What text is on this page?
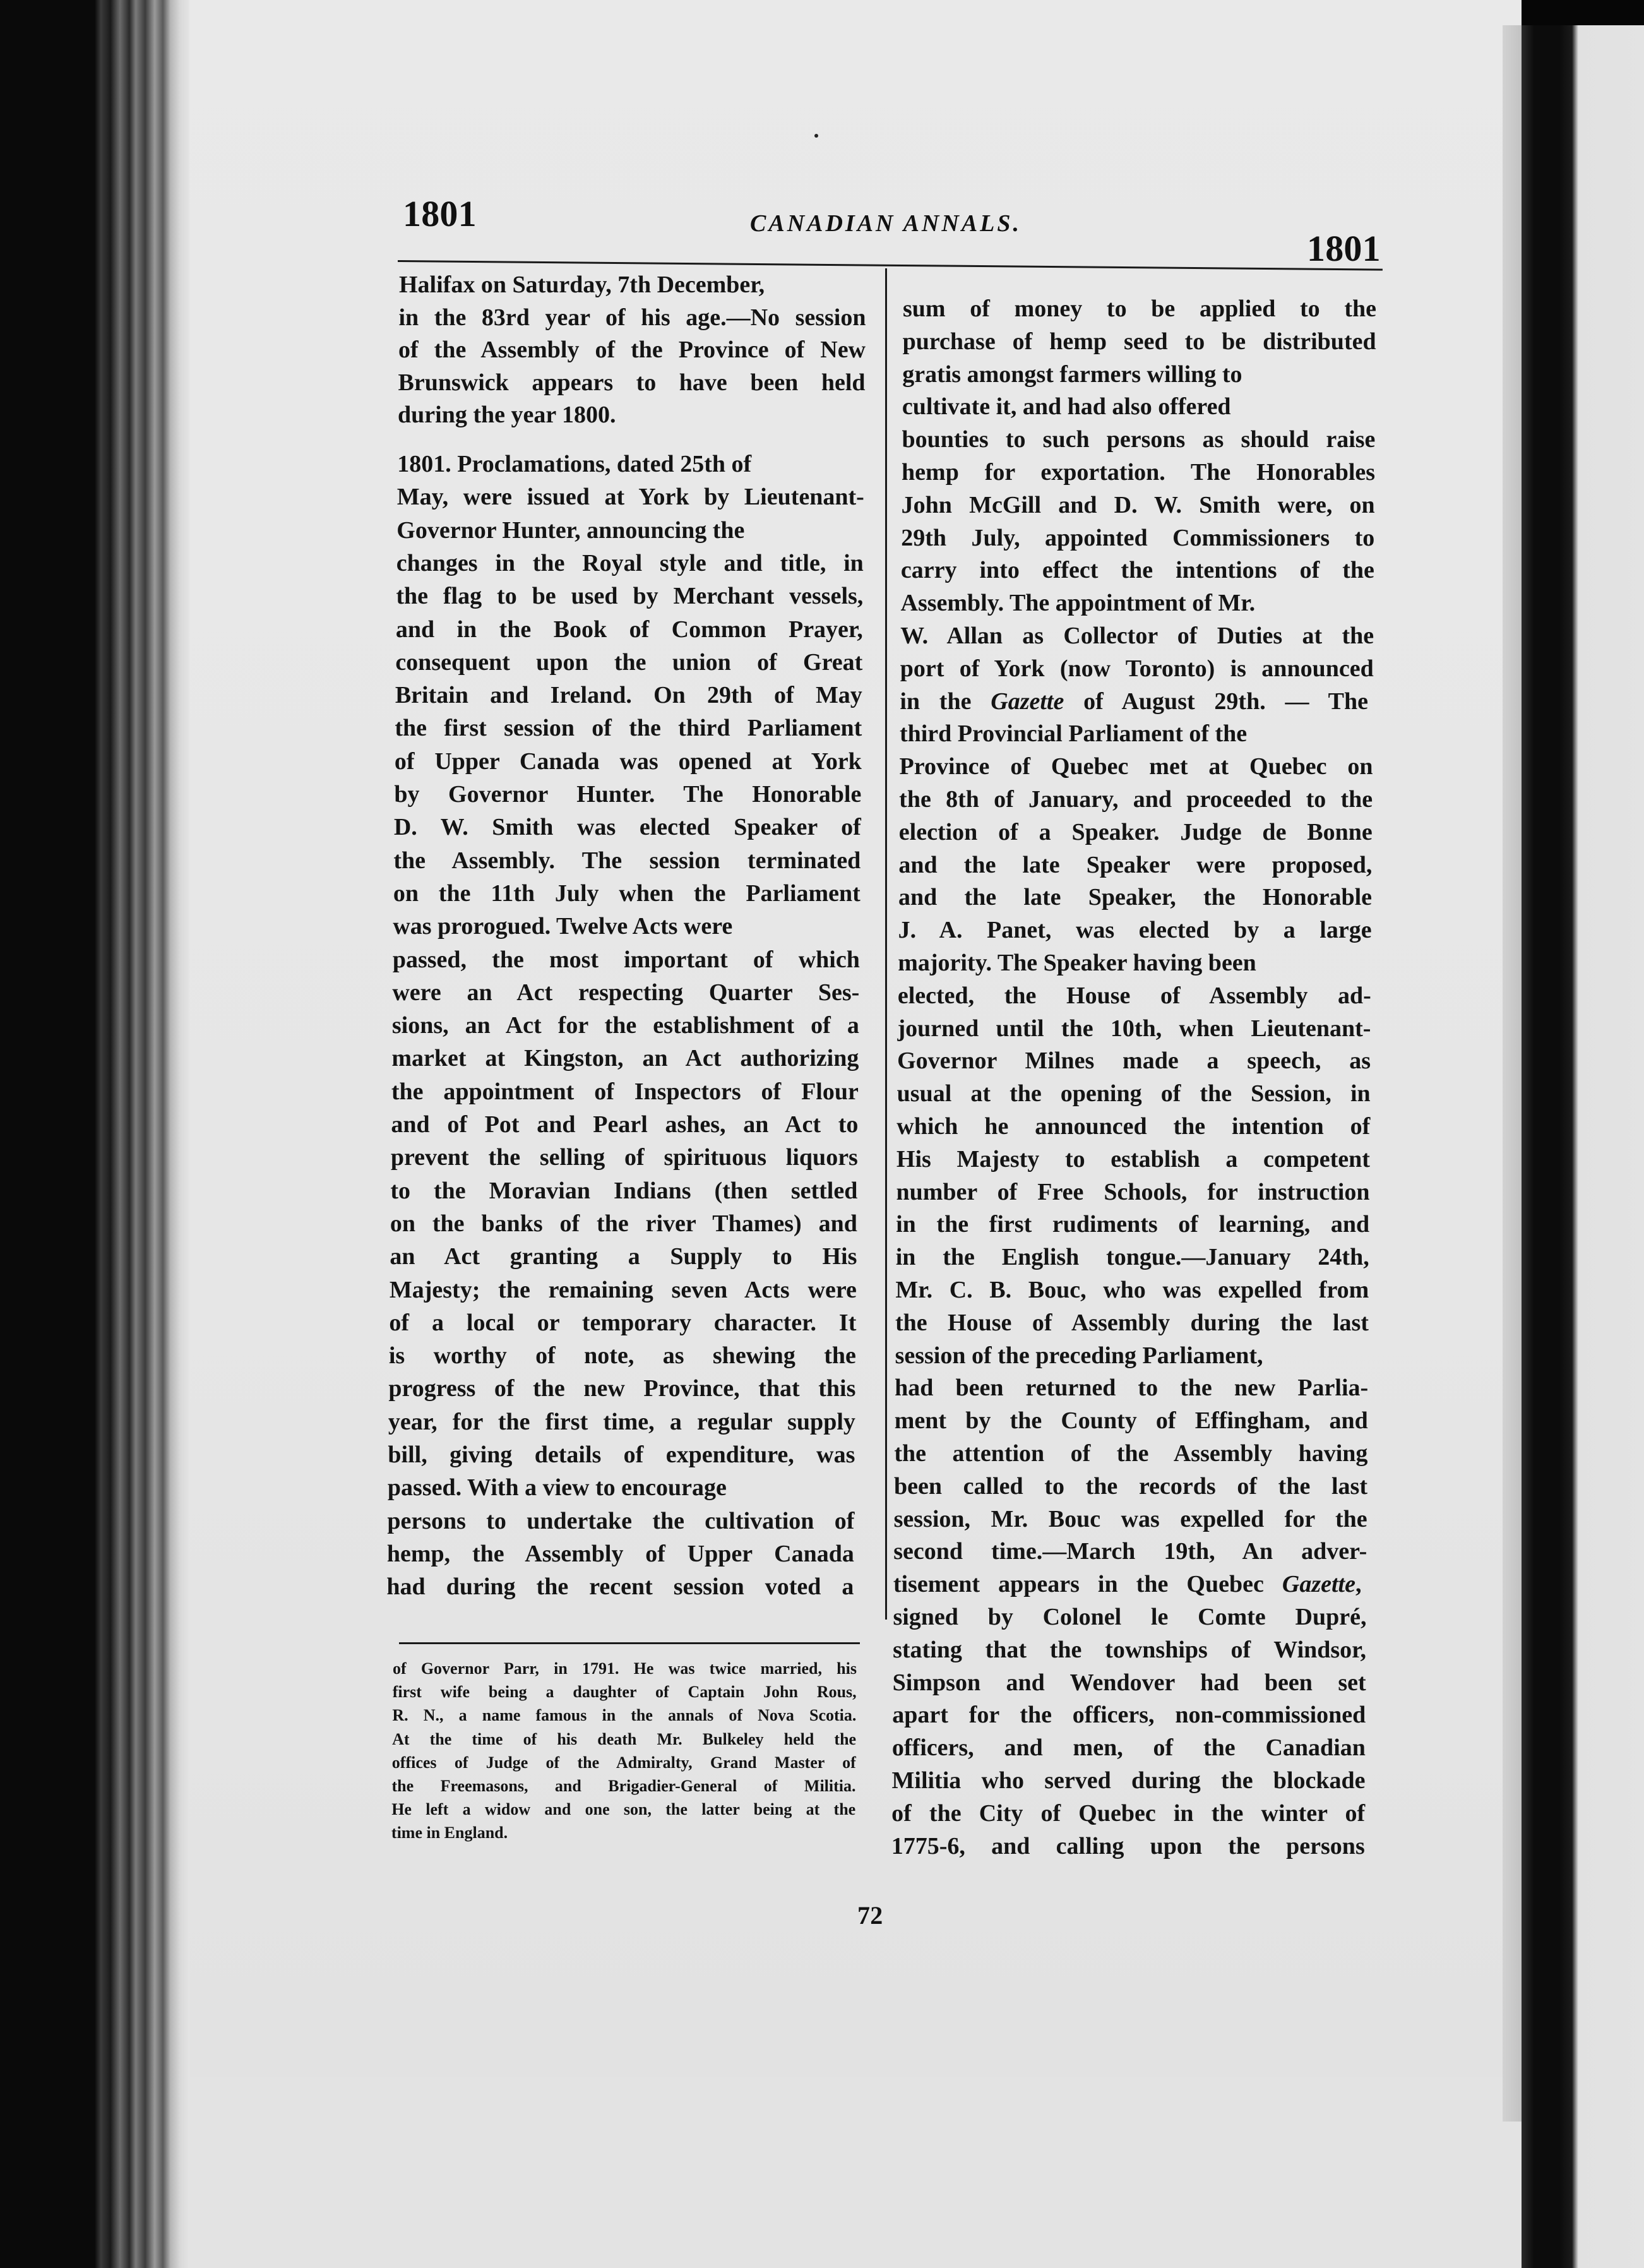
1801	CANADIAN ANNALS.
1801
Halifax on Saturday, 7th December,
in the 83rd year of his age.—No session
of the Assembly of the Province of New
Brunswick appears to have been held
during the year 1800.
1801. Proclamations, dated 25th of
May, were issued at York by Lieutenant-
Governor Hunter, announcing the
changes in the Royal style and title, in
the flag to be used by Merchant vessels,
and in the Book of Common Prayer,
consequent upon the union of Great
Britain and Ireland. On 29th of May
the first session of the third Parliament
of Upper Canada was opened at York
by Governor Hunter. The Honorable
D. W. Smith was elected Speaker of
the Assembly. The session terminated
on the 11th July when the Parliament
was prorogued. Twelve Acts were
passed, the most important of which
were an Act respecting Quarter Ses-
sions, an Act for the establishment of a
market at Kingston, an Act authorizing
the appointment of Inspectors of Flour
and of Pot and Pearl ashes, an Act to
prevent the selling of spirituous liquors
to the Moravian Indians (then settled
on the banks of the river Thames) and
an Act granting a Supply to His
Majesty; the remaining seven Acts were
of a local or temporary character. It
is worthy of note, as shewing the
progress of the new Province, that this
year, for the first time, a regular supply
bill, giving details of expenditure, was
passed. With a view to encourage
persons to undertake the cultivation of
hemp, the Assembly of Upper Canada
had during the recent session voted a
of Governor Parr, in 1791. He was twice married, his
first wife being a daughter of Captain John Rous,
R. N., a name famous in the annals of Nova Scotia.
At the time of his death Mr. Bulkeley held the
offices of Judge of the Admiralty, Grand Master of
the Freemasons, and Brigadier-General of Militia.
He left a widow and one son, the latter being at the
time in England.
sum of money to be applied to the
purchase of hemp seed to be distributed
gratis amongst farmers willing to
cultivate it, and had also offered
bounties to such persons as should raise
hemp for exportation. The Honorables
John McGill and D. W. Smith were, on
29th July, appointed Commissioners to
carry into effect the intentions of the
Assembly. The appointment of Mr.
W. Allan as Collector of Duties at the
port of York (now Toronto) is announced
in the Gazette of August 29th. — The
third Provincial Parliament of the
Province of Quebec met at Quebec on
the 8th of January, and proceeded to the
election of a Speaker. Judge de Bonne
and the late Speaker were proposed,
and the late Speaker, the Honorable
J. A. Panet, was elected by a large
majority. The Speaker having been
elected, the House of Assembly ad-
journed until the 10th, when Lieutenant-
Governor Milnes made a speech, as
usual at the opening of the Session, in
which he announced the intention of
His Majesty to establish a competent
number of Free Schools, for instruction
in the first rudiments of learning, and
in the English tongue.—January 24th,
Mr. C. B. Bouc, who was expelled from
the House of Assembly during the last
session of the preceding Parliament,
had been returned to the new Parlia-
ment by the County of Effingham, and
the attention of the Assembly having
been called to the records of the last
session, Mr. Bouc was expelled for the
second time.—March 19th, An adver-
tisement appears in the Quebec Gazette,
signed by Colonel le Comte Dupré,
stating that the townships of Windsor,
Simpson and Wendover had been set
apart for the officers, non-commissioned
officers, and men, of the Canadian
Militia who served during the blockade
of the City of Quebec in the winter of
1775-6, and calling upon the persons
72
